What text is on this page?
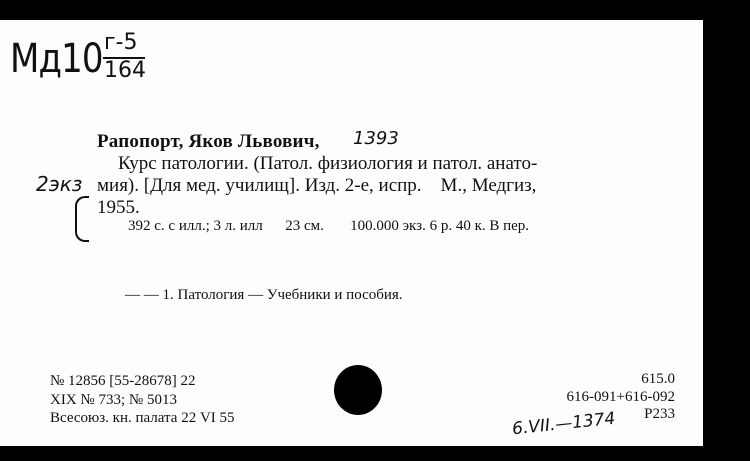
Мд10 г-5
164
Рапопорт, Яков Львович, 1393
Курс патологии. (Патол. физиология и патол. анато-
мия). [Для мед. училищ]. Изд. 2-е, испр.    М., Медгиз,
1955.
2экз
392 с. с илл.; 3 л. илл      23 см.       100.000 экз. 6 р. 40 к. В пер.
— — 1. Патология — Учебники и пособия.
№ 12856 [55-28678] 22
XIX № 733; № 5013
Всесоюз. кн. палата 22 VI 55
615.0
616-091+616-092
Р233
6.VII.—1374
